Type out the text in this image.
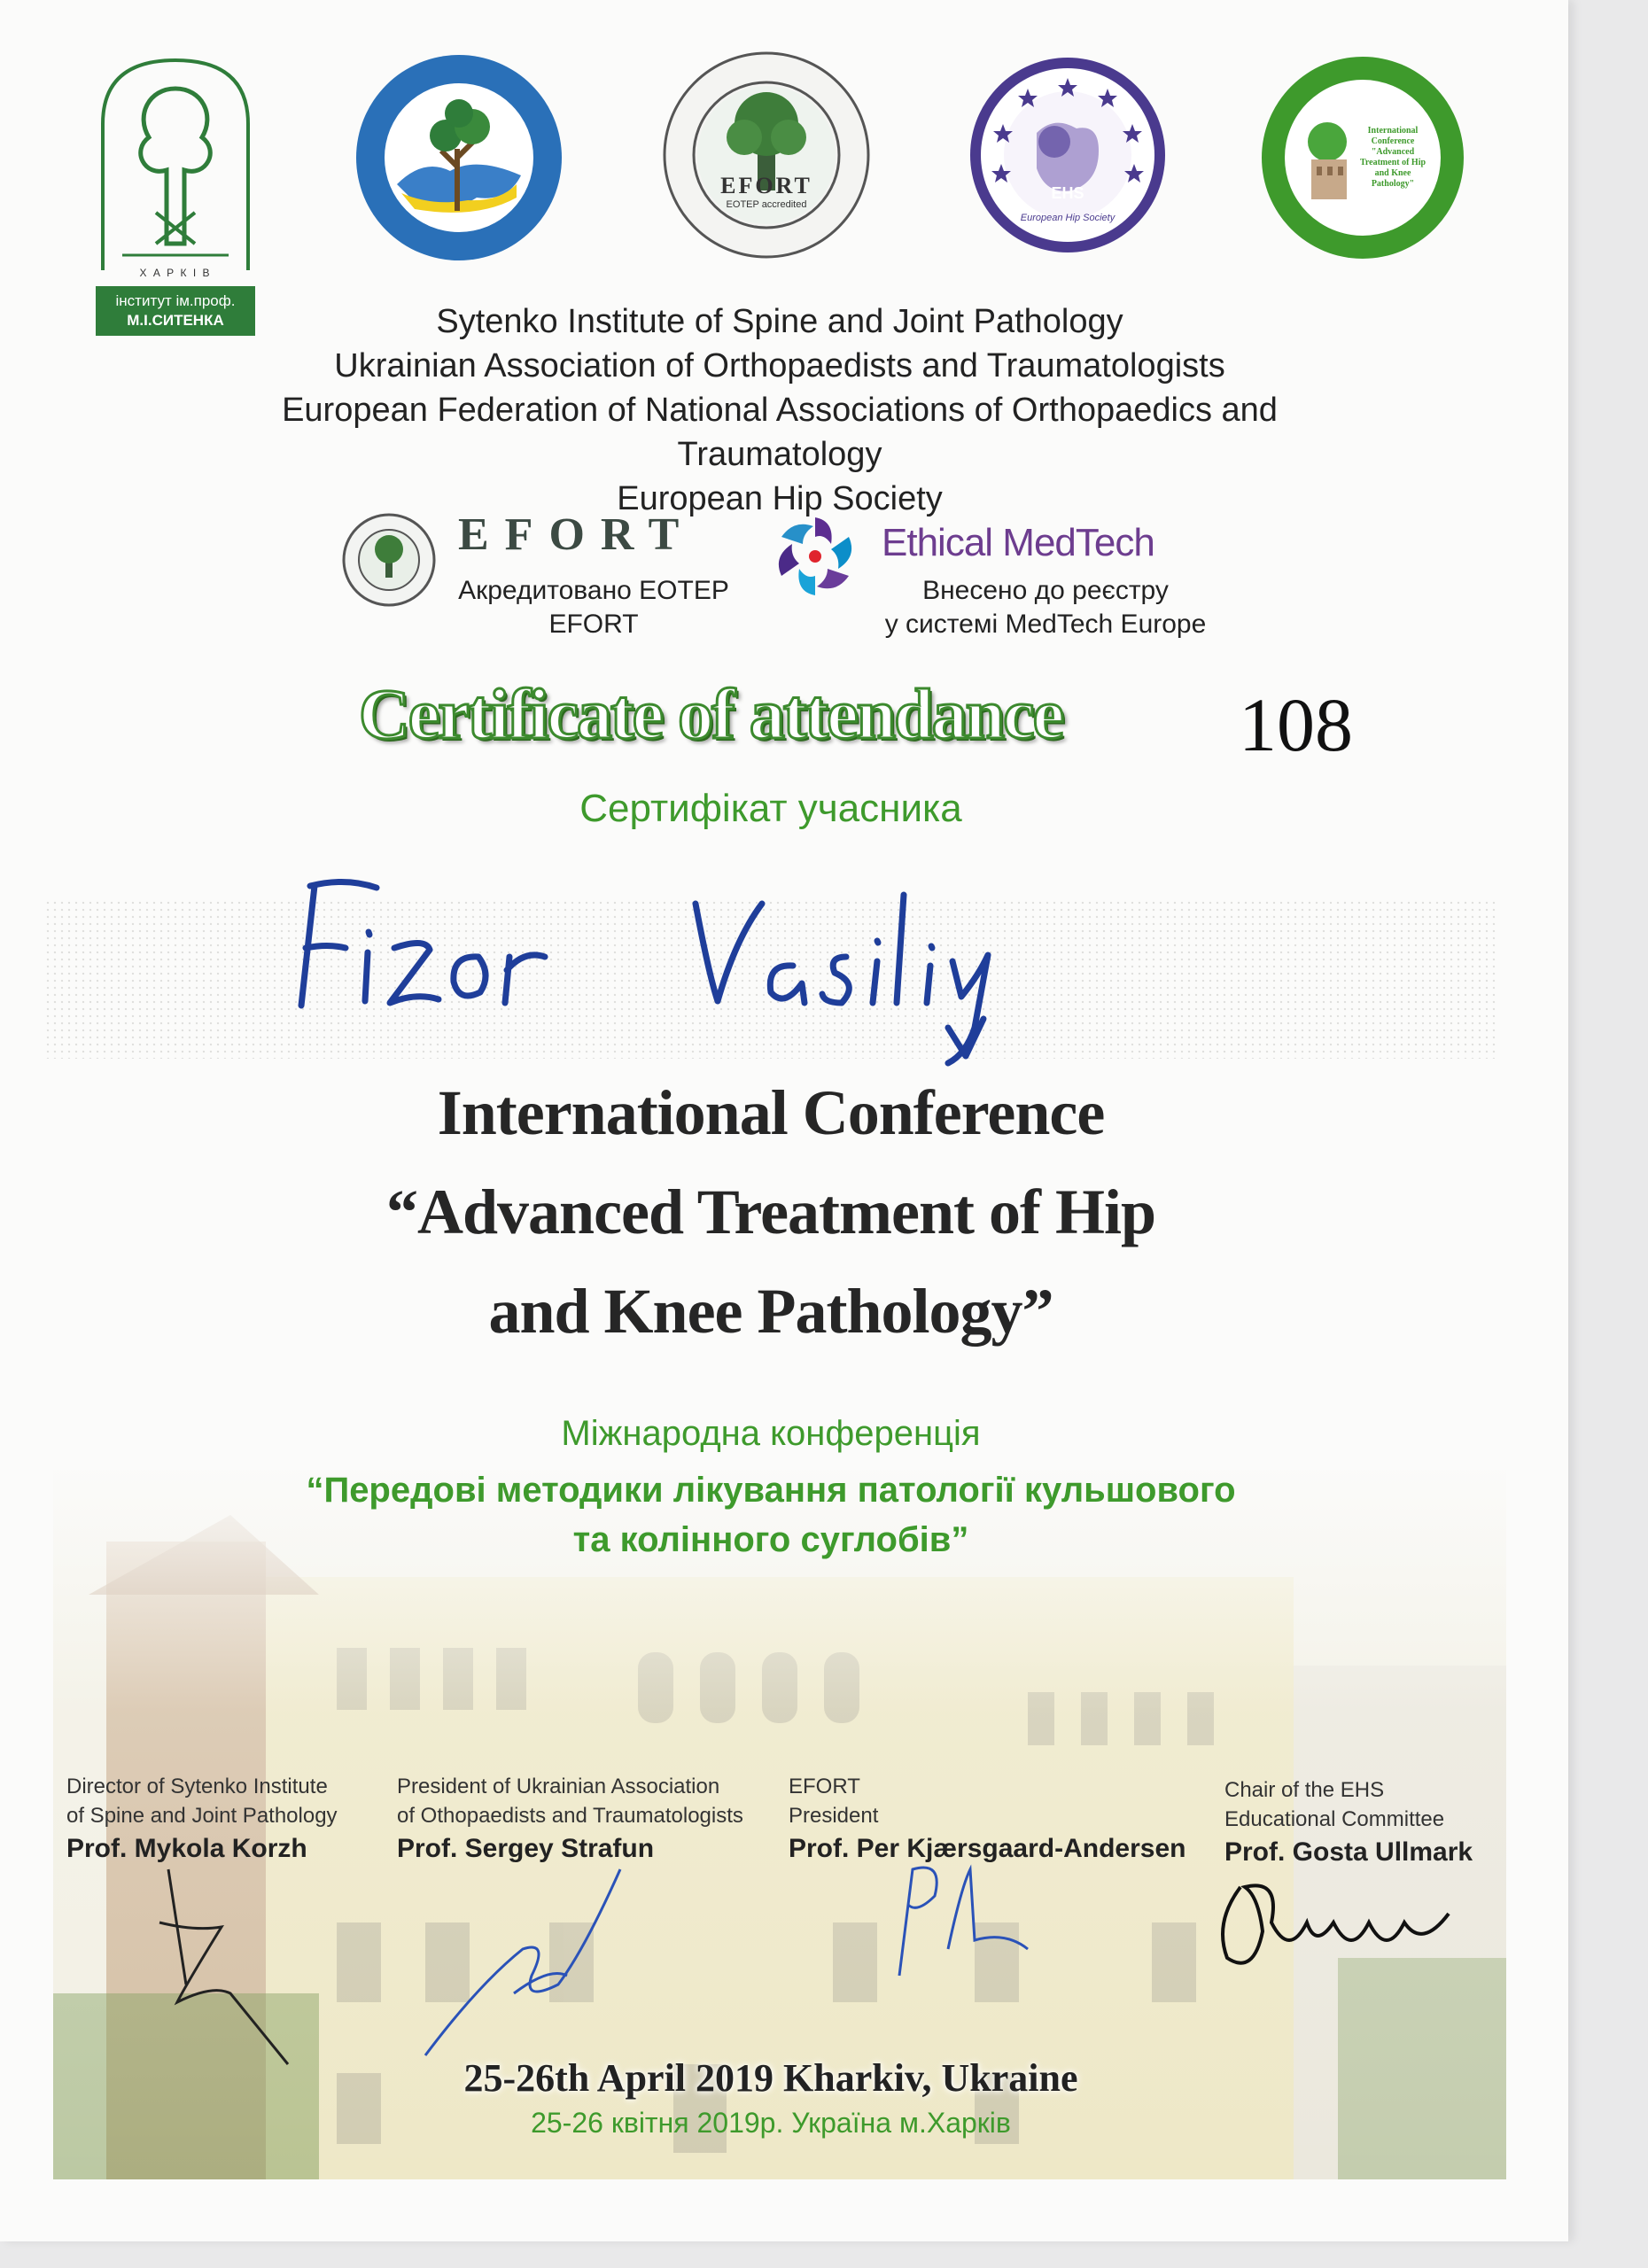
Х А Р К І В
інститут ім.проф.
М.І.СИТЕНКА
EFORT
EOTEP accredited
EHS
European Hip Society
International Conference "Advanced Treatment of Hip and Knee Pathology"
Sytenko Institute of Spine and Joint Pathology
Ukrainian Association of Orthopaedists and Traumatologists
European Federation of National Associations of Orthopaedics and Traumatology
European Hip Society
EFORT
Акредитовано ЕОТЕР
EFORT
Ethical MedTech
Внесено до реєстру
у системі MedTech Europe
Certificate of attendance 108
Сертифікат учасника
International Conference
“Advanced Treatment of Hip
and Knee Pathology”
Міжнародна конференція
“Передові методики лікування патології кульшового
та колінного суглобів”
Director of Sytenko Institute
of Spine and Joint Pathology
Prof. Mykola Korzh
President of Ukrainian Association
of Othopaedists and Traumatologists
Prof. Sergey Strafun
EFORT
President
Prof. Per Kjærsgaard-Andersen
Chair of the EHS
Educational Committee
Prof. Gosta Ullmark
25-26th April 2019 Kharkiv, Ukraine
25-26 квітня 2019р. Україна м.Харків
